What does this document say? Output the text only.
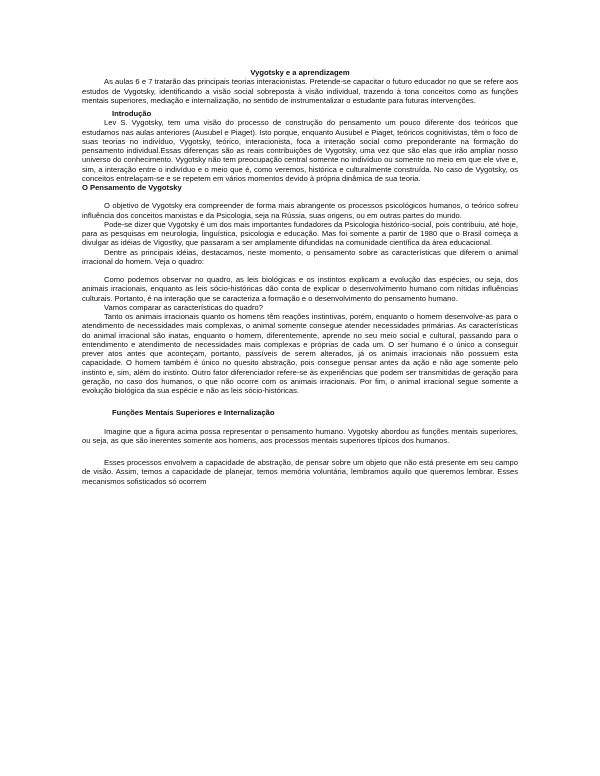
Vygotsky e a aprendizagem

As aulas 6 e 7 tratarão das principais teorias interacionistas. Pretende-se capacitar o futuro educador no que se refere aos estudos de Vygotsky, identificando a visão social sobreposta à visão individual, trazendo à tona conceitos como as funções mentais superiores, mediação e internalização, no sentido de instrumentalizar o estudante para futuras intervenções.

Introdução

Lev S. Vygotsky, tem uma visão do processo de construção do pensamento um pouco diferente dos teóricos que estudamos nas aulas anteriores (Ausubel e Piaget). Isto porque, enquanto Ausubel e Piaget, teóricos cognitivistas, têm o foco de suas teorias no indivíduo, Vygotsky, teórico, interacionista, foca a interação social como preponderante na formação do pensamento individual.Essas diferenças são as reais contribuições de Vygotsky, uma vez que são elas que irão ampliar nosso universo do conhecimento. Vygotsky não tem preocupação central somente no indivíduo ou somente no meio em que ele vive e, sim, a interação entre o indivíduo e o meio que é, como veremos, histórica e culturalmente construída. No caso de Vygotsky, os conceitos entrelaçam-se e se repetem em vários momentos devido à própria dinâmica de sua teoria.

O Pensamento de Vygotsky

O objetivo de Vygotsky era compreender de forma mais abrangente os processos psicológicos humanos, o teórico sofreu influência dos conceitos marxistas e da Psicologia, seja na Rússia, suas origens, ou em outras partes do mundo.

Pode-se dizer que Vygotsky é um dos mais importantes fundadores da Psicologia histórico-social, pois contribuiu, até hoje, para as pesquisas em neurologia, linguística, psicologia e educação. Mas foi somente a partir de 1980 que o Brasil começa a divulgar as idéias de Vigostky, que passaram a ser amplamente difundidas na comunidade científica da área educacional.

Dentre as principais idéias, destacamos, neste momento, o pensamento sobre as características que diferem o animal irracional do homem. Veja o quadro:

Como podemos observar no quadro, as leis biológicas e os instintos explicam a evolução das espécies, ou seja, dos animais irracionais, enquanto as leis sócio-históricas dão conta de explicar o desenvolvimento humano com nítidas influências culturais. Portanto, é na interação que se caracteriza a formação e o desenvolvimento do pensamento humano.

Vamos comparar as características do quadro?

Tanto os animais irracionais quanto os homens têm reações instintivas, porém, enquanto o homem desenvolve-as para o atendimento de necessidades mais complexas, o animal somente consegue atender necessidades primárias. As características do animal irracional são inatas, enquanto o homem, diferentemente, aprende no seu meio social e cultural, passando para o entendimento e atendimento de necessidades mais complexas e próprias de cada um. O ser humano é o único a conseguir prever atos antes que aconteçam, portanto, passíveis de serem alterados, já os animais irracionais não possuem esta capacidade. O homem também é único no quesito abstração, pois consegue pensar antes da ação e não age somente pelo instinto e, sim, além do instinto. Outro fator diferenciador refere-se às experiências que podem ser transmitidas de geração para geração, no caso dos humanos, o que não ocorre com os animais irracionais. Por fim, o animal irracional segue somente a evolução biológica da sua espécie e não as leis sócio-históricas.

Funções Mentais Superiores e Internalização

Imagine que a figura acima possa representar o pensamento humano. Vygotsky abordou as funções mentais superiores, ou seja, as que são inerentes somente aos homens, aos processos mentais superiores típicos dos humanos.

Esses processos envolvem a capacidade de abstração, de pensar sobre um objeto que não está presente em seu campo de visão. Assim, temos a capacidade de planejar, temos memória voluntária, lembramos aquilo que queremos lembrar. Esses mecanismos sofisticados só ocorrem
